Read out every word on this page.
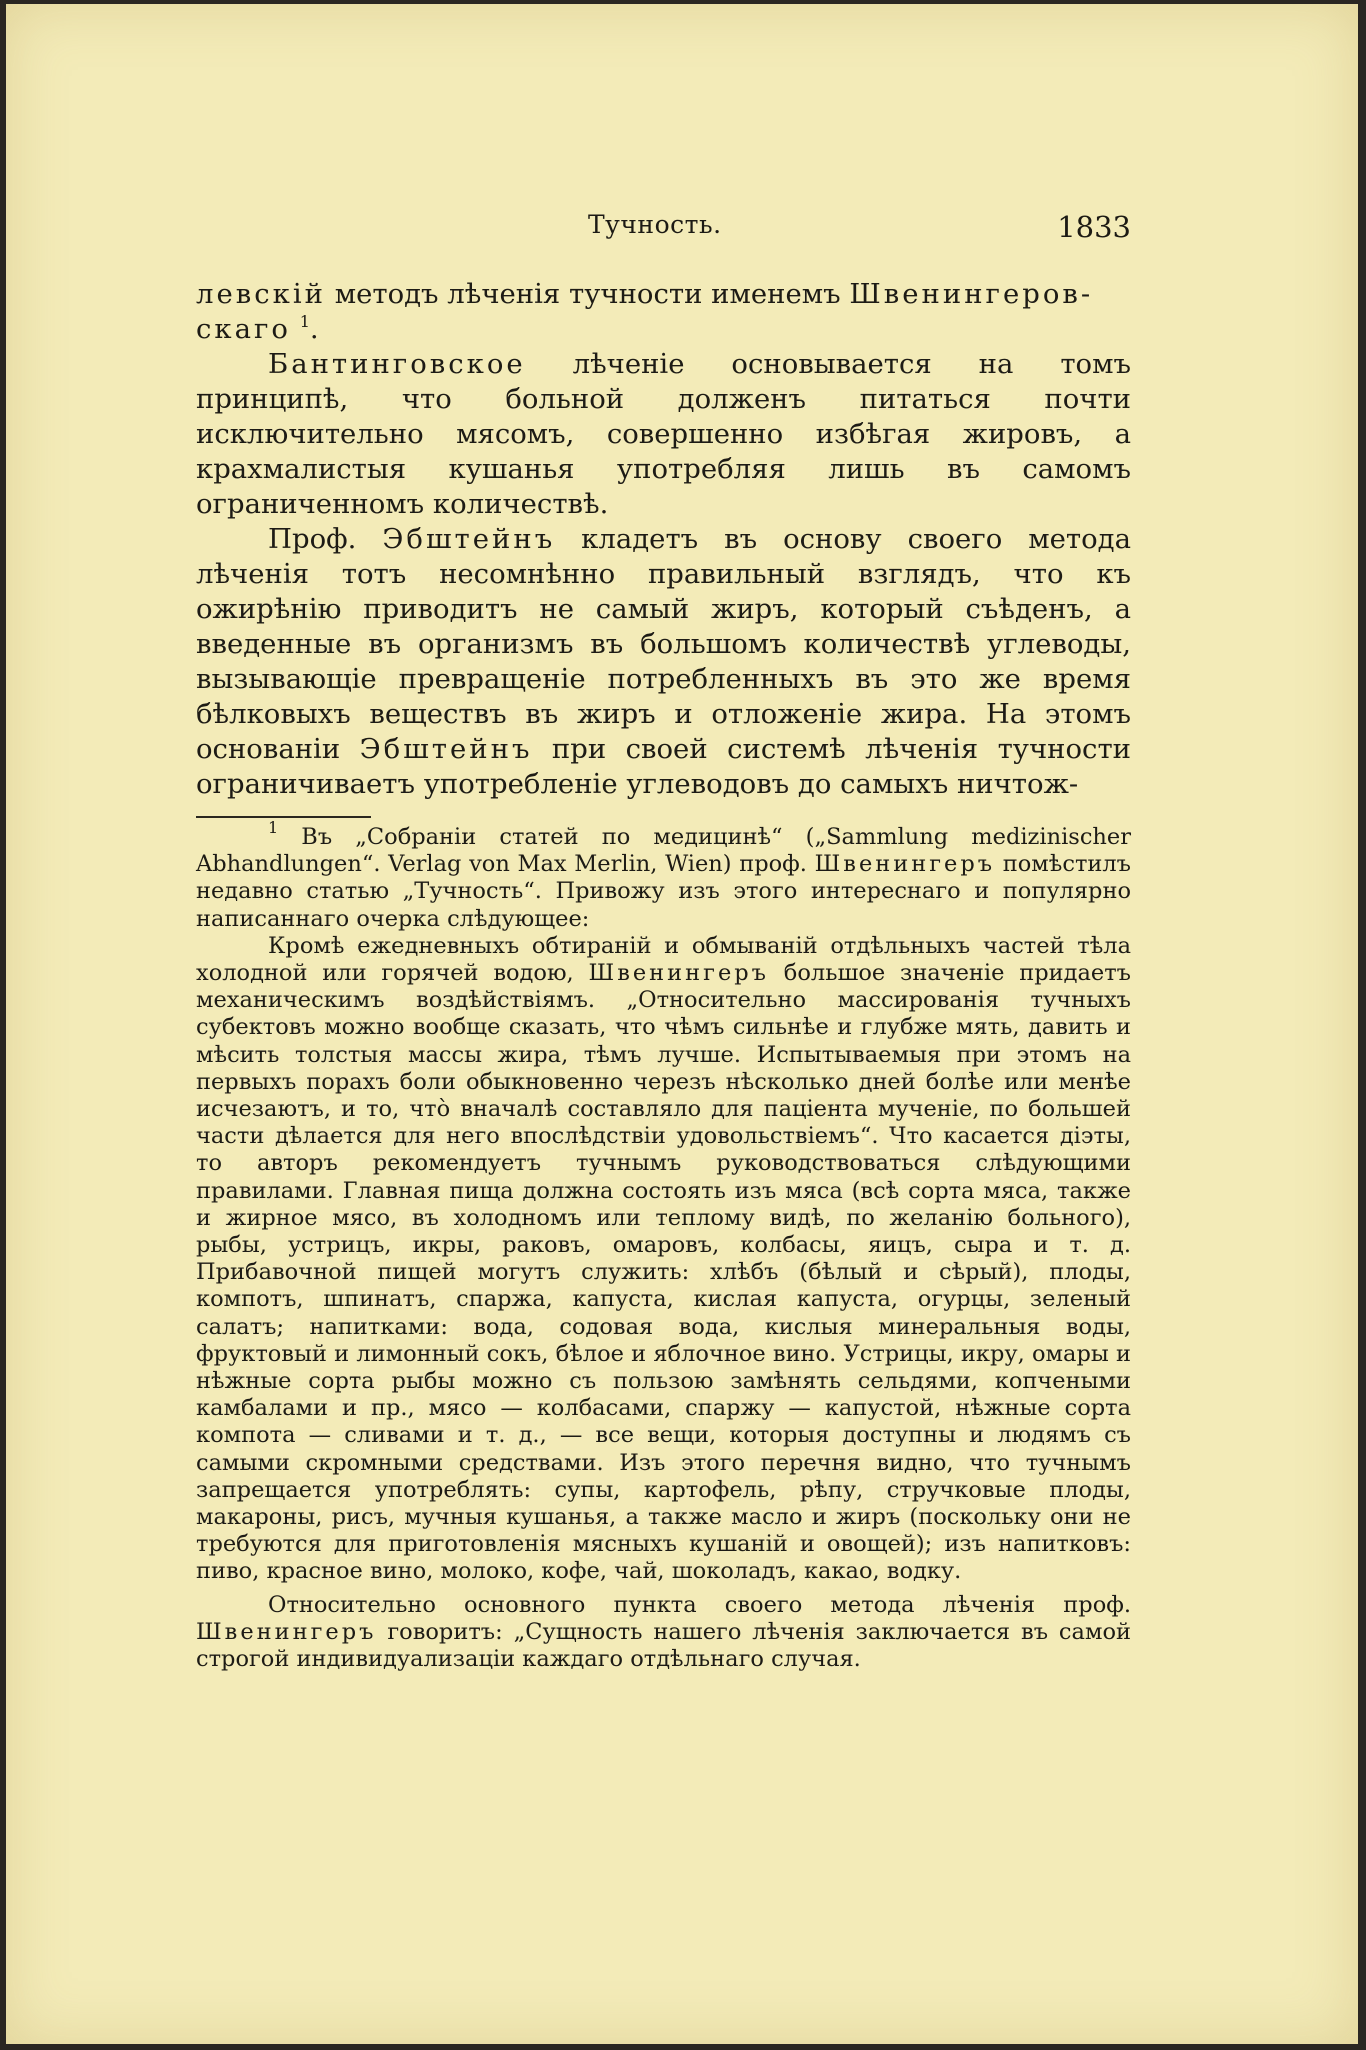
Тучность.	1833

левскій методъ лѣченія тучности именемъ Швенингеров-
скаго $^1$.

Бантинговское лѣченіе основывается на томъ принципѣ, что больной долженъ питаться почти исключительно мясомъ, совершенно избѣгая жировъ, а крахмалистыя кушанья употребляя лишь въ самомъ ограниченномъ количествѣ.

Проф. Эбштейнъ кладетъ въ основу своего метода лѣченія тотъ несомнѣнно правильный взглядъ, что къ ожирѣнію приводитъ не самый жиръ, который съѣденъ, а введенные въ организмъ въ большомъ количествѣ углеводы, вызывающіе превращеніе потребленныхъ въ это же время бѣлковыхъ веществъ въ жиръ и отложеніе жира. На этомъ основаніи Эбштейнъ при своей системѣ лѣченія тучности ограничиваетъ употребленіе углеводовъ до самыхъ ничтож-

$^1$ Въ „Собраніи статей по медицинѣ“ („Sammlung medizinischer Abhandlungen“. Verlag von Max Merlin, Wien) проф. Швенингеръ помѣстилъ недавно статью „Тучность“. Привожу изъ этого интереснаго и популярно написаннаго очерка слѣдующее:

Кромѣ ежедневныхъ обтираній и обмываній отдѣльныхъ частей тѣла холодной или горячей водою, Швенингеръ большое значеніе придаетъ механическимъ воздѣйствіямъ. „Относительно массированія тучныхъ субектовъ можно вообще сказать, что чѣмъ сильнѣе и глубже мять, давить и мѣсить толстыя массы жира, тѣмъ лучше. Испытываемыя при этомъ на первыхъ порахъ боли обыкновенно черезъ нѣсколько дней болѣе или менѣе исчезаютъ, и то, чтò вначалѣ составляло для паціента мученіе, по большей части дѣлается для него впослѣдствіи удовольствіемъ“. Что касается діэты, то авторъ рекомендуетъ тучнымъ руководствоваться слѣдующими правилами. Главная пища должна состоять изъ мяса (всѣ сорта мяса, также и жирное мясо, въ холодномъ или теплому видѣ, по желанію больного), рыбы, устрицъ, икры, раковъ, омаровъ, колбасы, яицъ, сыра и т. д. Прибавочной пищей могутъ служить: хлѣбъ (бѣлый и сѣрый), плоды, компотъ, шпинатъ, спаржа, капуста, кислая капуста, огурцы, зеленый салатъ; напитками: вода, содовая вода, кислыя минеральныя воды, фруктовый и лимонный сокъ, бѣлое и яблочное вино. Устрицы, икру, омары и нѣжные сорта рыбы можно съ пользою замѣнять сельдями, копчеными камбалами и пр., мясо — колбасами, спаржу — капустой, нѣжные сорта компота — сливами и т. д., — все вещи, которыя доступны и людямъ съ самыми скромными средствами. Изъ этого перечня видно, что тучнымъ запрещается употреблять: супы, картофель, рѣпу, стручковые плоды, макароны, рисъ, мучныя кушанья, а также масло и жиръ (поскольку они не требуются для приготовленія мясныхъ кушаній и овощей); изъ напитковъ: пиво, красное вино, молоко, кофе, чай, шоколадъ, какао, водку.

Относительно основного пункта своего метода лѣченія проф. Швенингеръ говоритъ: „Сущность нашего лѣченія заключается въ самой строгой индивидуализаціи каждаго отдѣльнаго случая.
